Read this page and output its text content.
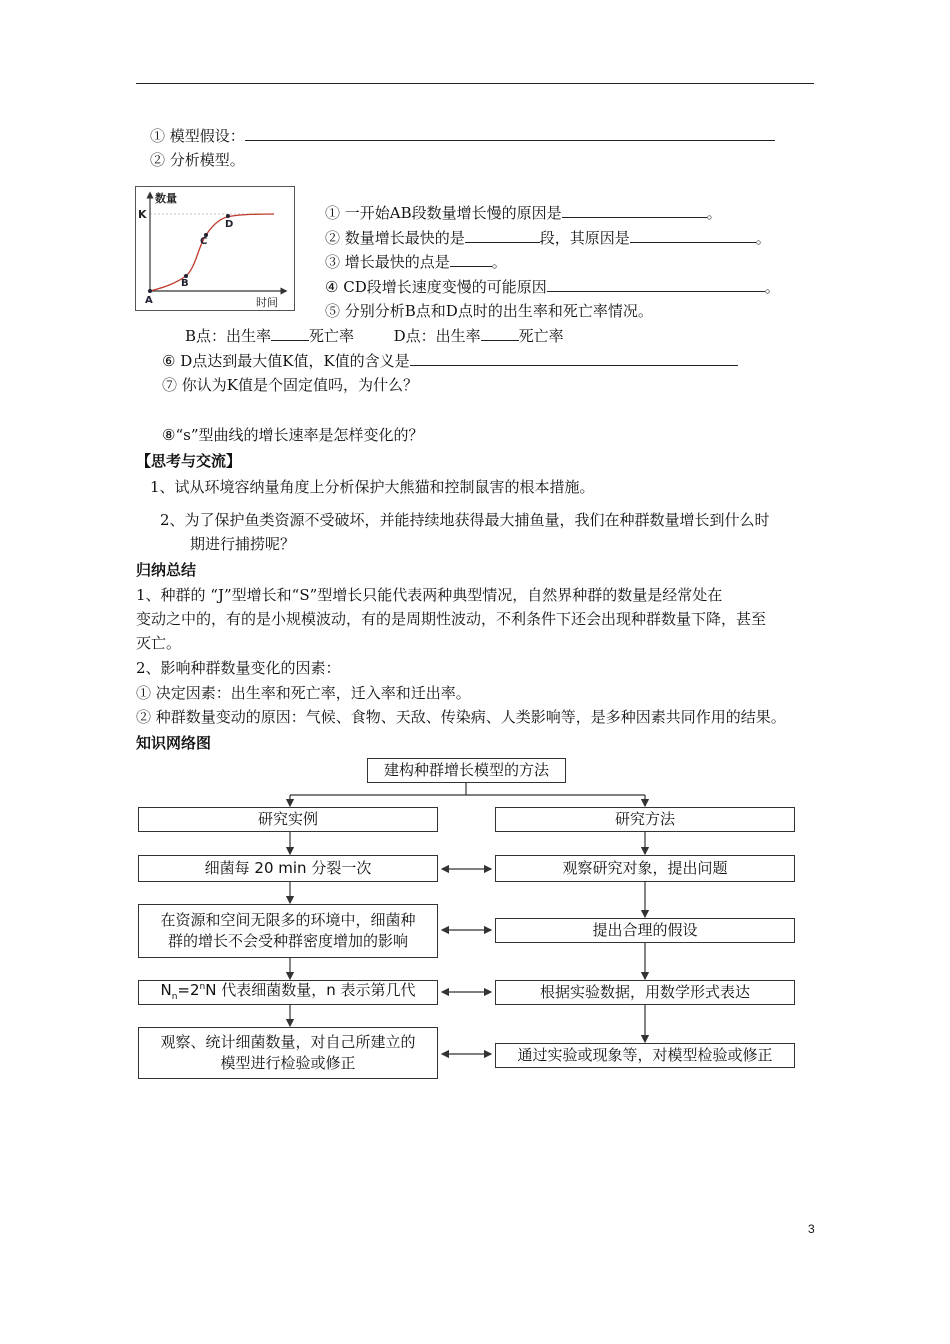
① 模型假设：
② 分析模型。
数量
K
时间
A
B
C
D
① 一开始AB段数量增长慢的原因是	。
② 数量增长最快的是	段，其原因是	。
③ 增长最快的点是	。
④ CD段增长速度变慢的可能原因	。
⑤ 分别分析B点和D点时的出生率和死亡率情况。
B点：出生率	死亡率	D点：出生率	死亡率
⑥ D点达到最大值K值，K值的含义是
⑦ 你认为K值是个固定值吗，为什么？
⑧“s”型曲线的增长速率是怎样变化的？
【思考与交流】
1、试从环境容纳量角度上分析保护大熊猫和控制鼠害的根本措施。
2、为了保护鱼类资源不受破坏，并能持续地获得最大捕鱼量，我们在种群数量增长到什么时
期进行捕捞呢？
归纳总结
1、种群的 “J”型增长和“S”型增长只能代表两种典型情况，自然界种群的数量是经常处在
变动之中的，有的是小规模波动，有的是周期性波动，不利条件下还会出现种群数量下降，甚至
灭亡。
2、影响种群数量变化的因素：
① 决定因素：出生率和死亡率，迁入率和迁出率。
② 种群数量变动的原因：气候、食物、天敌、传染病、人类影响等，是多种因素共同作用的结果。
知识网络图
建构种群增长模型的方法
研究实例
细菌每 20 min 分裂一次
在资源和空间无限多的环境中，细菌种
群的增长不会受种群密度增加的影响
$N_n=2^nN$ 代表细菌数量，n 表示第几代
观察、统计细菌数量，对自己所建立的
模型进行检验或修正
研究方法
观察研究对象，提出问题
提出合理的假设
根据实验数据，用数学形式表达
通过实验或现象等，对模型检验或修正
3
